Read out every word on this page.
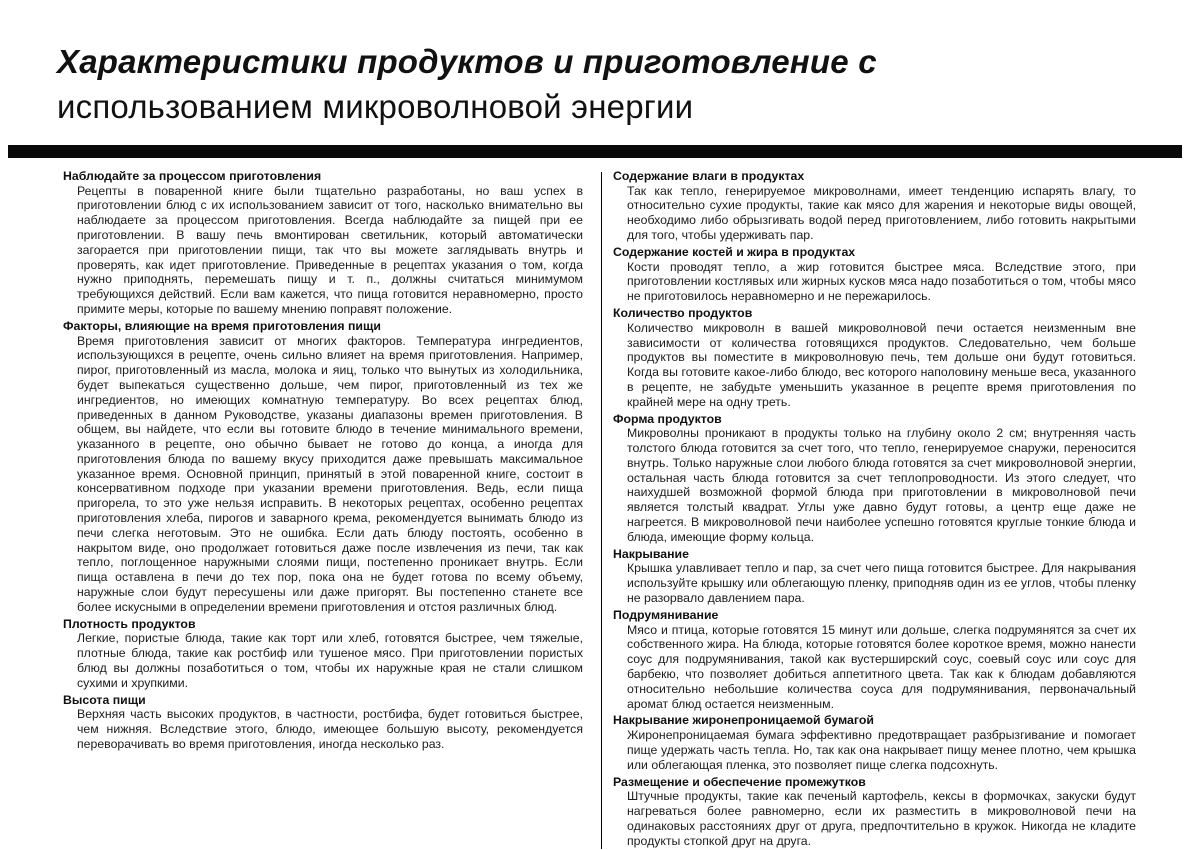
Характеристики продуктов и приготовление с
использованием микроволновой энергии
Наблюдайте за процессом приготовления

Рецепты в поваренной книге были тщательно разработаны, но ваш успех в приготовлении блюд с их использованием зависит от того, насколько внимательно вы наблюдаете за процессом приготовления. Всегда наблюдайте за пищей при ее приготовлении. В вашу печь вмонтирован светильник, который автоматически загорается при приготовлении пищи, так что вы можете заглядывать внутрь и проверять, как идет приготовление. Приведенные в рецептах указания о том, когда нужно приподнять, перемешать пищу и т. п., должны считаться минимумом требующихся действий. Если вам кажется, что пища готовится неравномерно, просто примите меры, которые по вашему мнению поправят положение.

Факторы, влияющие на время приготовления пищи

Время приготовления зависит от многих факторов. Температура ингредиентов, использующихся в рецепте, очень сильно влияет на время приготовления. Например, пирог, приготовленный из масла, молока и яиц, только что вынутых из холодильника, будет выпекаться существенно дольше, чем пирог, приготовленный из тех же ингредиентов, но имеющих комнатную температуру. Во всех рецептах блюд, приведенных в данном Руководстве, указаны диапазоны времен приготовления. В общем, вы найдете, что если вы готовите блюдо в течение минимального времени, указанного в рецепте, оно обычно бывает не готово до конца, а иногда для приготовления блюда по вашему вкусу приходится даже превышать максимальное указанное время. Основной принцип, принятый в этой поваренной книге, состоит в консервативном подходе при указании времени приготовления. Ведь, если пища пригорела, то это уже нельзя исправить. В некоторых рецептах, особенно рецептах приготовления хлеба, пирогов и заварного крема, рекомендуется вынимать блюдо из печи слегка неготовым. Это не ошибка. Если дать блюду постоять, особенно в накрытом виде, оно продолжает готовиться даже после извлечения из печи, так как тепло, поглощенное наружными слоями пищи, постепенно проникает внутрь. Если пища оставлена в печи до тех пор, пока она не будет готова по всему объему, наружные слои будут пересушены или даже пригорят. Вы постепенно станете все более искусными в определении времени приготовления и отстоя различных блюд.

Плотность продуктов

Легкие, пористые блюда, такие как торт или хлеб, готовятся быстрее, чем тяжелые, плотные блюда, такие как ростбиф или тушеное мясо. При приготовлении пористых блюд вы должны позаботиться о том, чтобы их наружные края не стали слишком сухими и хрупкими.

Высота пищи

Верхняя часть высоких продуктов, в частности, ростбифа, будет готовиться быстрее, чем нижняя. Вследствие этого, блюдо, имеющее большую высоту, рекомендуется переворачивать во время приготовления, иногда несколько раз.

Содержание влаги в продуктах

Так как тепло, генерируемое микроволнами, имеет тенденцию испарять влагу, то относительно сухие продукты, такие как мясо для жарения и некоторые виды овощей, необходимо либо обрызгивать водой перед приготовлением, либо готовить накрытыми для того, чтобы удерживать пар.

Содержание костей и жира в продуктах

Кости проводят тепло, а жир готовится быстрее мяса. Вследствие этого, при приготовлении костлявых или жирных кусков мяса надо позаботиться о том, чтобы мясо не приготовилось неравномерно и не пережарилось.

Количество продуктов

Количество микроволн в вашей микроволновой печи остается неизменным вне зависимости от количества готовящихся продуктов. Следовательно, чем больше продуктов вы поместите в микроволновую печь, тем дольше они будут готовиться. Когда вы готовите какое-либо блюдо, вес которого наполовину меньше веса, указанного в рецепте, не забудьте уменьшить указанное в рецепте время приготовления по крайней мере на одну треть.

Форма продуктов

Микроволны проникают в продукты только на глубину около 2 см; внутренняя часть толстого блюда готовится за счет того, что тепло, генерируемое снаружи, переносится внутрь. Только наружные слои любого блюда готовятся за счет микроволновой энергии, остальная часть блюда готовится за счет теплопроводности. Из этого следует, что наихудшей возможной формой блюда при приготовлении в микроволновой печи является толстый квадрат. Углы уже давно будут готовы, а центр еще даже не нагреется. В микроволновой печи наиболее успешно готовятся круглые тонкие блюда и блюда, имеющие форму кольца.

Накрывание

Крышка улавливает тепло и пар, за счет чего пища готовится быстрее. Для накрывания используйте крышку или облегающую пленку, приподняв один из ее углов, чтобы пленку не разорвало давлением пара.

Подрумянивание

Мясо и птица, которые готовятся 15 минут или дольше, слегка подрумянятся за счет их собственного жира. На блюда, которые готовятся более короткое время, можно нанести соус для подрумянивания, такой как вустерширский соус, соевый соус или соус для барбекю, что позволяет добиться аппетитного цвета. Так как к блюдам добавляются относительно небольшие количества соуса для подрумянивания, первоначальный аромат блюд остается неизменным.

Накрывание жиронепроницаемой бумагой

Жиронепроницаемая бумага эффективно предотвращает разбрызгивание и помогает пище удержать часть тепла. Но, так как она накрывает пищу менее плотно, чем крышка или облегающая пленка, это позволяет пище слегка подсохнуть.

Размещение и обеспечение промежутков

Штучные продукты, такие как печеный картофель, кексы в формочках, закуски будут нагреваться более равномерно, если их разместить в микроволновой печи на одинаковых расстояниях друг от друга, предпочтительно в кружок. Никогда не кладите продукты стопкой друг на друга.
